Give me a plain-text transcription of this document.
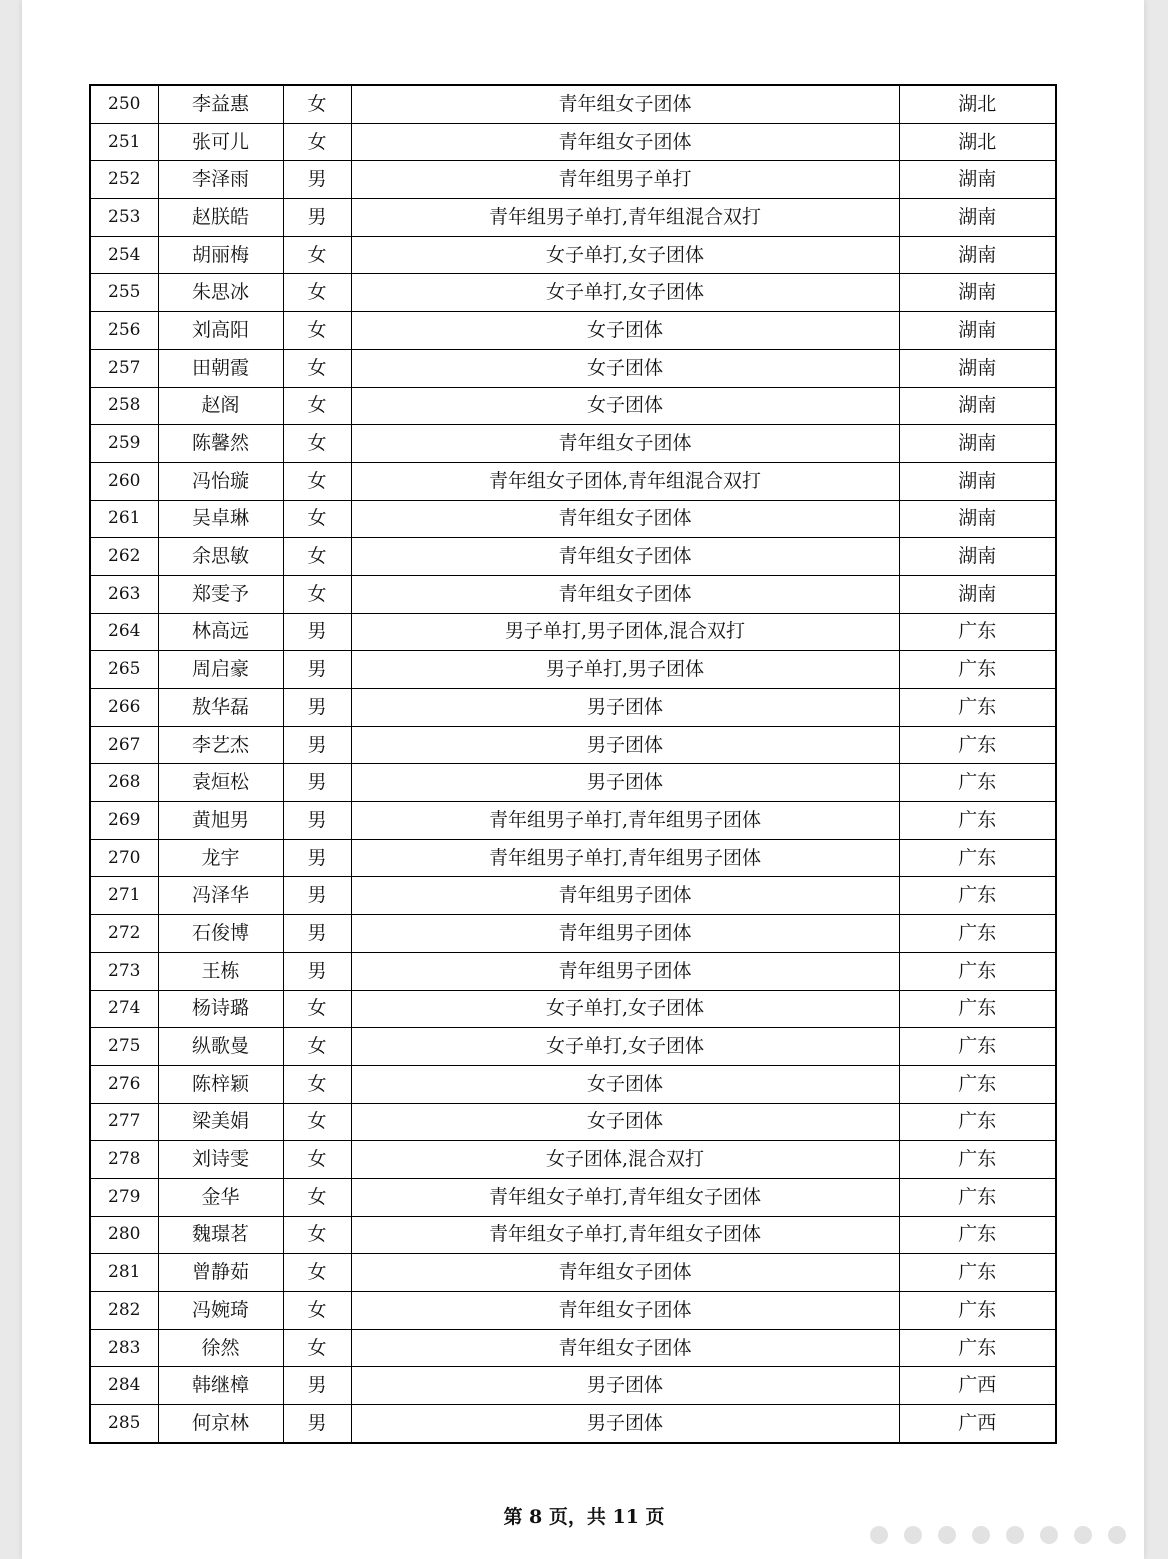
250	李益惠	女	青年组女子团体	湖北
251	张可儿	女	青年组女子团体	湖北
252	李泽雨	男	青年组男子单打	湖南
253	赵朕皓	男	青年组男子单打,青年组混合双打	湖南
254	胡丽梅	女	女子单打,女子团体	湖南
255	朱思冰	女	女子单打,女子团体	湖南
256	刘高阳	女	女子团体	湖南
257	田朝霞	女	女子团体	湖南
258	赵阁	女	女子团体	湖南
259	陈馨然	女	青年组女子团体	湖南
260	冯怡璇	女	青年组女子团体,青年组混合双打	湖南
261	吴卓琳	女	青年组女子团体	湖南
262	余思敏	女	青年组女子团体	湖南
263	郑雯予	女	青年组女子团体	湖南
264	林高远	男	男子单打,男子团体,混合双打	广东
265	周启豪	男	男子单打,男子团体	广东
266	敖华磊	男	男子团体	广东
267	李艺杰	男	男子团体	广东
268	袁烜松	男	男子团体	广东
269	黄旭男	男	青年组男子单打,青年组男子团体	广东
270	龙宇	男	青年组男子单打,青年组男子团体	广东
271	冯泽华	男	青年组男子团体	广东
272	石俊博	男	青年组男子团体	广东
273	王栋	男	青年组男子团体	广东
274	杨诗璐	女	女子单打,女子团体	广东
275	纵歌曼	女	女子单打,女子团体	广东
276	陈梓颖	女	女子团体	广东
277	梁美娟	女	女子团体	广东
278	刘诗雯	女	女子团体,混合双打	广东
279	金华	女	青年组女子单打,青年组女子团体	广东
280	魏璟茗	女	青年组女子单打,青年组女子团体	广东
281	曾静茹	女	青年组女子团体	广东
282	冯婉琦	女	青年组女子团体	广东
283	徐然	女	青年组女子团体	广东
284	韩继樟	男	男子团体	广西
285	何京林	男	男子团体	广西
第 8 页，共 11 页
